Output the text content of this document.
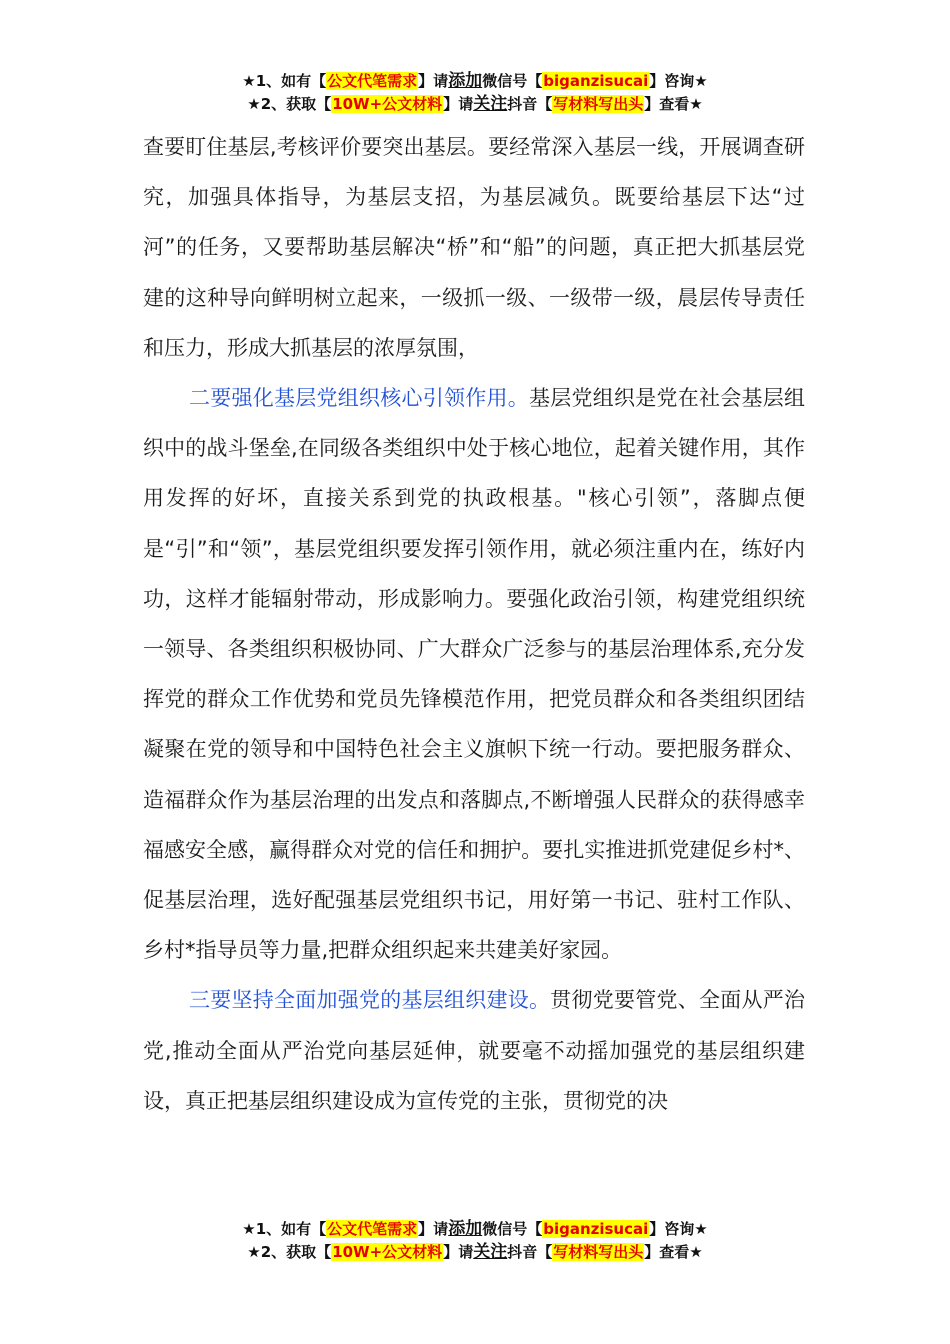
★1、如有【公文代笔需求】请添加微信号【biganzisucai】咨询★
★2、获取【10W+公文材料】请关注抖音【写材料写出头】查看★

查要盯住基层,考核评价要突出基层。要经常深入基层一线，开展调查研究，加强具体指导，为基层支招，为基层减负。既要给基层下达“过河”的任务，又要帮助基层解决“桥”和“船”的问题，真正把大抓基层党建的这种导向鲜明树立起来，一级抓一级、一级带一级，晨层传导责任和压力，形成大抓基层的浓厚氛围，

二要强化基层党组织核心引领作用。基层党组织是党在社会基层组织中的战斗堡垒,在同级各类组织中处于核心地位，起着关键作用，其作用发挥的好坏，直接关系到党的执政根基。"核心引领”，落脚点便是“引”和“领”，基层党组织要发挥引领作用，就必须注重内在，练好内功，这样才能辐射带动，形成影响力。要强化政治引领，构建党组织统一领导、各类组织积极协同、广大群众广泛参与的基层治理体系,充分发挥党的群众工作优势和党员先锋模范作用，把党员群众和各类组织团结凝聚在党的领导和中国特色社会主义旗帜下统一行动。要把服务群众、造福群众作为基层治理的出发点和落脚点,不断增强人民群众的获得感幸福感安全感，赢得群众对党的信任和拥护。要扎实推进抓党建促乡村*、促基层治理，选好配强基层党组织书记，用好第一书记、驻村工作队、乡村*指导员等力量,把群众组织起来共建美好家园。

三要坚持全面加强党的基层组织建设。贯彻党要管党、全面从严治党,推动全面从严治党向基层延伸，就要毫不动摇加强党的基层组织建设，真正把基层组织建设成为宣传党的主张，贯彻党的决

★1、如有【公文代笔需求】请添加微信号【biganzisucai】咨询★
★2、获取【10W+公文材料】请关注抖音【写材料写出头】查看★
